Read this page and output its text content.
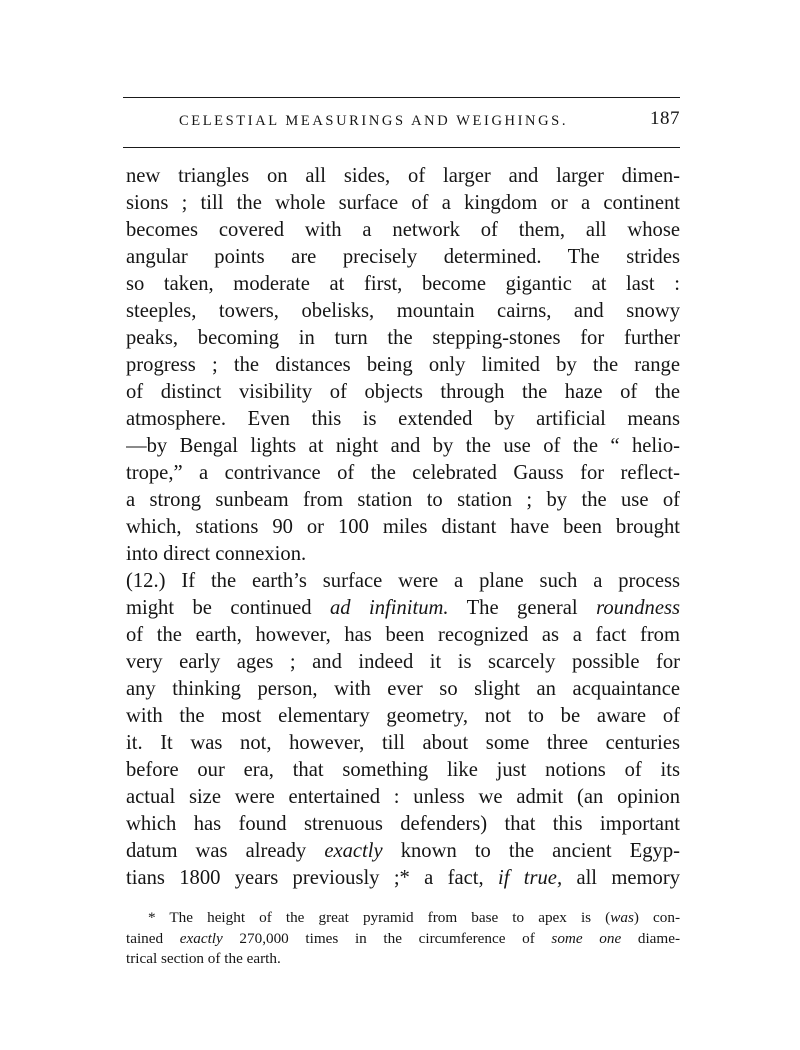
CELESTIAL MEASURINGS AND WEIGHINGS.	187
new triangles on all sides, of larger and larger dimen-
sions ; till the whole surface of a kingdom or a continent
becomes covered with a network of them, all whose
angular points are precisely determined. The strides
so taken, moderate at first, become gigantic at last :
steeples, towers, obelisks, mountain cairns, and snowy
peaks, becoming in turn the stepping-stones for further
progress ; the distances being only limited by the range
of distinct visibility of objects through the haze of the
atmosphere. Even this is extended by artificial means
—by Bengal lights at night and by the use of the “ helio-
trope,” a contrivance of the celebrated Gauss for reflect-
a strong sunbeam from station to station ; by the use of
which, stations 90 or 100 miles distant have been brought
into direct connexion.
(12.) If the earth’s surface were a plane such a process
might be continued ad infinitum. The general roundness
of the earth, however, has been recognized as a fact from
very early ages ; and indeed it is scarcely possible for
any thinking person, with ever so slight an acquaintance
with the most elementary geometry, not to be aware of
it. It was not, however, till about some three centuries
before our era, that something like just notions of its
actual size were entertained : unless we admit (an opinion
which has found strenuous defenders) that this important
datum was already exactly known to the ancient Egyp-
tians 1800 years previously ;* a fact, if true, all memory
* The height of the great pyramid from base to apex is (was) con-
tained exactly 270,000 times in the circumference of some one diame-
trical section of the earth.
